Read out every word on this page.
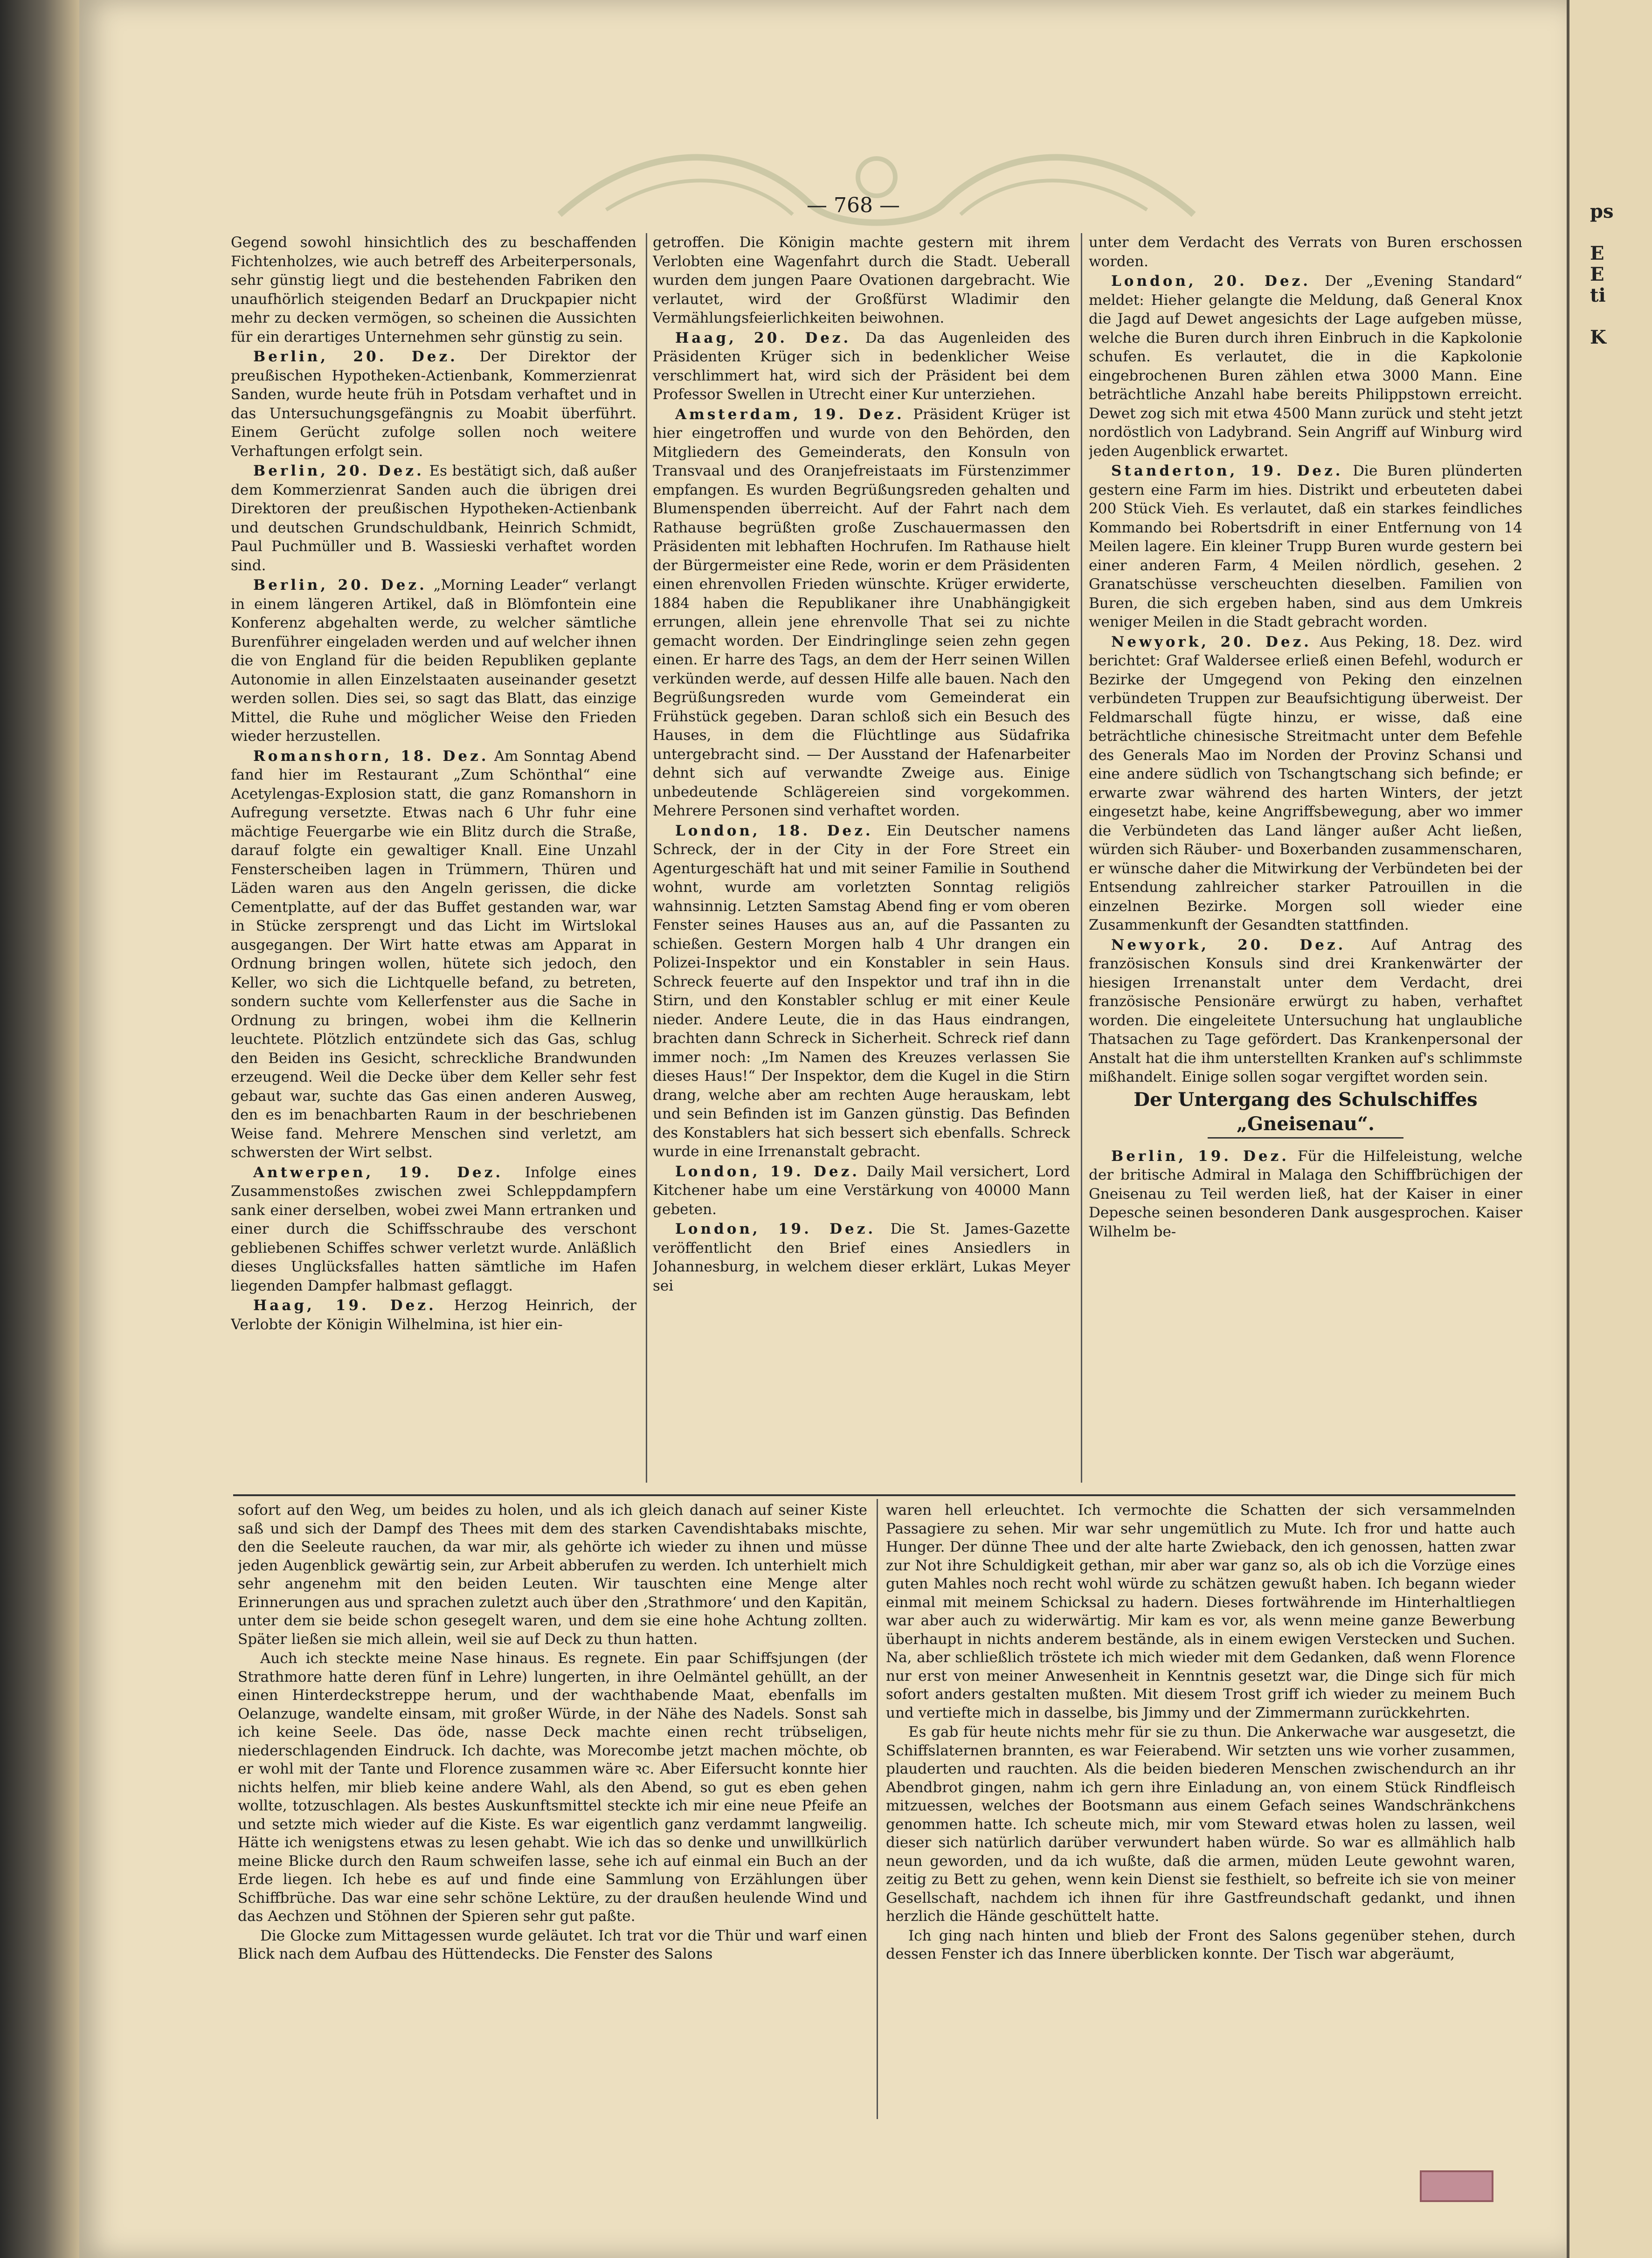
ps
E
E
ti
K
— 768 —

Gegend sowohl hinsichtlich des zu beschaffenden Fichtenholzes, wie auch betreff des Arbeiterpersonals, sehr günstig liegt und die bestehenden Fabriken den unaufhörlich steigenden Bedarf an Druckpapier nicht mehr zu decken vermögen, so scheinen die Aussichten für ein derartiges Unternehmen sehr günstig zu sein.

Berlin, 20. Dez. Der Direktor der preußischen Hypotheken-Actienbank, Kommerzienrat Sanden, wurde heute früh in Potsdam verhaftet und in das Untersuchungsgefängnis zu Moabit überführt. Einem Gerücht zufolge sollen noch weitere Verhaftungen erfolgt sein.

Berlin, 20. Dez. Es bestätigt sich, daß außer dem Kommerzienrat Sanden auch die übrigen drei Direktoren der preußischen Hypotheken-Actienbank und deutschen Grundschuldbank, Heinrich Schmidt, Paul Puchmüller und B. Wassieski verhaftet worden sind.

Berlin, 20. Dez. „Morning Leader“ verlangt in einem längeren Artikel, daß in Blömfontein eine Konferenz abgehalten werde, zu welcher sämtliche Burenführer eingeladen werden und auf welcher ihnen die von England für die beiden Republiken geplante Autonomie in allen Einzelstaaten auseinander gesetzt werden sollen. Dies sei, so sagt das Blatt, das einzige Mittel, die Ruhe und möglicher Weise den Frieden wieder herzustellen.

Romanshorn, 18. Dez. Am Sonntag Abend fand hier im Restaurant „Zum Schönthal“ eine Acetylengas-Explosion statt, die ganz Romanshorn in Aufregung versetzte. Etwas nach 6 Uhr fuhr eine mächtige Feuergarbe wie ein Blitz durch die Straße, darauf folgte ein gewaltiger Knall. Eine Unzahl Fensterscheiben lagen in Trümmern, Thüren und Läden waren aus den Angeln gerissen, die dicke Cementplatte, auf der das Buffet gestanden war, war in Stücke zersprengt und das Licht im Wirtslokal ausgegangen. Der Wirt hatte etwas am Apparat in Ordnung bringen wollen, hütete sich jedoch, den Keller, wo sich die Lichtquelle befand, zu betreten, sondern suchte vom Kellerfenster aus die Sache in Ordnung zu bringen, wobei ihm die Kellnerin leuchtete. Plötzlich entzündete sich das Gas, schlug den Beiden ins Gesicht, schreckliche Brandwunden erzeugend. Weil die Decke über dem Keller sehr fest gebaut war, suchte das Gas einen anderen Ausweg, den es im benachbarten Raum in der beschriebenen Weise fand. Mehrere Menschen sind verletzt, am schwersten der Wirt selbst.

Antwerpen, 19. Dez. Infolge eines Zusammenstoßes zwischen zwei Schleppdampfern sank einer derselben, wobei zwei Mann ertranken und einer durch die Schiffsschraube des verschont gebliebenen Schiffes schwer verletzt wurde. Anläßlich dieses Unglücksfalles hatten sämtliche im Hafen liegenden Dampfer halbmast geflaggt.

Haag, 19. Dez. Herzog Heinrich, der Verlobte der Königin Wilhelmina, ist hier ein-

getroffen. Die Königin machte gestern mit ihrem Verlobten eine Wagenfahrt durch die Stadt. Ueberall wurden dem jungen Paare Ovationen dargebracht. Wie verlautet, wird der Großfürst Wladimir den Vermählungsfeierlichkeiten beiwohnen.

Haag, 20. Dez. Da das Augenleiden des Präsidenten Krüger sich in bedenklicher Weise verschlimmert hat, wird sich der Präsident bei dem Professor Swellen in Utrecht einer Kur unterziehen.

Amsterdam, 19. Dez. Präsident Krüger ist hier eingetroffen und wurde von den Behörden, den Mitgliedern des Gemeinderats, den Konsuln von Transvaal und des Oranjefreistaats im Fürstenzimmer empfangen. Es wurden Begrüßungsreden gehalten und Blumenspenden überreicht. Auf der Fahrt nach dem Rathause begrüßten große Zuschauermassen den Präsidenten mit lebhaften Hochrufen. Im Rathause hielt der Bürgermeister eine Rede, worin er dem Präsidenten einen ehrenvollen Frieden wünschte. Krüger erwiderte, 1884 haben die Republikaner ihre Unabhängigkeit errungen, allein jene ehrenvolle That sei zu nichte gemacht worden. Der Eindringlinge seien zehn gegen einen. Er harre des Tags, an dem der Herr seinen Willen verkünden werde, auf dessen Hilfe alle bauen. Nach den Begrüßungsreden wurde vom Gemeinderat ein Frühstück gegeben. Daran schloß sich ein Besuch des Hauses, in dem die Flüchtlinge aus Südafrika untergebracht sind. — Der Ausstand der Hafenarbeiter dehnt sich auf verwandte Zweige aus. Einige unbedeutende Schlägereien sind vorgekommen. Mehrere Personen sind verhaftet worden.

London, 18. Dez. Ein Deutscher namens Schreck, der in der City in der Fore Street ein Agenturgeschäft hat und mit seiner Familie in Southend wohnt, wurde am vorletzten Sonntag religiös wahnsinnig. Letzten Samstag Abend fing er vom oberen Fenster seines Hauses aus an, auf die Passanten zu schießen. Gestern Morgen halb 4 Uhr drangen ein Polizei-Inspektor und ein Konstabler in sein Haus. Schreck feuerte auf den Inspektor und traf ihn in die Stirn, und den Konstabler schlug er mit einer Keule nieder. Andere Leute, die in das Haus eindrangen, brachten dann Schreck in Sicherheit. Schreck rief dann immer noch: „Im Namen des Kreuzes verlassen Sie dieses Haus!“ Der Inspektor, dem die Kugel in die Stirn drang, welche aber am rechten Auge herauskam, lebt und sein Befinden ist im Ganzen günstig. Das Befinden des Konstablers hat sich bessert sich ebenfalls. Schreck wurde in eine Irrenanstalt gebracht.

London, 19. Dez. Daily Mail versichert, Lord Kitchener habe um eine Verstärkung von 40000 Mann gebeten.

London, 19. Dez. Die St. James-Gazette veröffentlicht den Brief eines Ansiedlers in Johannesburg, in welchem dieser erklärt, Lukas Meyer sei

unter dem Verdacht des Verrats von Buren erschossen worden.

London, 20. Dez. Der „Evening Standard“ meldet: Hieher gelangte die Meldung, daß General Knox die Jagd auf Dewet angesichts der Lage aufgeben müsse, welche die Buren durch ihren Einbruch in die Kapkolonie schufen. Es verlautet, die in die Kapkolonie eingebrochenen Buren zählen etwa 3000 Mann. Eine beträchtliche Anzahl habe bereits Philippstown erreicht. Dewet zog sich mit etwa 4500 Mann zurück und steht jetzt nordöstlich von Ladybrand. Sein Angriff auf Winburg wird jeden Augenblick erwartet.

Standerton, 19. Dez. Die Buren plünderten gestern eine Farm im hies. Distrikt und erbeuteten dabei 200 Stück Vieh. Es verlautet, daß ein starkes feindliches Kommando bei Robertsdrift in einer Entfernung von 14 Meilen lagere. Ein kleiner Trupp Buren wurde gestern bei einer anderen Farm, 4 Meilen nördlich, gesehen. 2 Granatschüsse verscheuchten dieselben. Familien von Buren, die sich ergeben haben, sind aus dem Umkreis weniger Meilen in die Stadt gebracht worden.

Newyork, 20. Dez. Aus Peking, 18. Dez. wird berichtet: Graf Waldersee erließ einen Befehl, wodurch er Bezirke der Umgegend von Peking den einzelnen verbündeten Truppen zur Beaufsichtigung überweist. Der Feldmarschall fügte hinzu, er wisse, daß eine beträchtliche chinesische Streitmacht unter dem Befehle des Generals Mao im Norden der Provinz Schansi und eine andere südlich von Tschangtschang sich befinde; er erwarte zwar während des harten Winters, der jetzt eingesetzt habe, keine Angriffsbewegung, aber wo immer die Verbündeten das Land länger außer Acht ließen, würden sich Räuber- und Boxerbanden zusammenscharen, er wünsche daher die Mitwirkung der Verbündeten bei der Entsendung zahlreicher starker Patrouillen in die einzelnen Bezirke. Morgen soll wieder eine Zusammenkunft der Gesandten stattfinden.

Newyork, 20. Dez. Auf Antrag des französischen Konsuls sind drei Krankenwärter der hiesigen Irrenanstalt unter dem Verdacht, drei französische Pensionäre erwürgt zu haben, verhaftet worden. Die eingeleitete Untersuchung hat unglaubliche Thatsachen zu Tage gefördert. Das Krankenpersonal der Anstalt hat die ihm unterstellten Kranken auf's schlimmste mißhandelt. Einige sollen sogar vergiftet worden sein.

Der Untergang des Schulschiffes „Gneisenau“.

Berlin, 19. Dez. Für die Hilfeleistung, welche der britische Admiral in Malaga den Schiffbrüchigen der Gneisenau zu Teil werden ließ, hat der Kaiser in einer Depesche seinen besonderen Dank ausgesprochen. Kaiser Wilhelm be-

sofort auf den Weg, um beides zu holen, und als ich gleich danach auf seiner Kiste saß und sich der Dampf des Thees mit dem des starken Cavendishtabaks mischte, den die Seeleute rauchen, da war mir, als gehörte ich wieder zu ihnen und müsse jeden Augenblick gewärtig sein, zur Arbeit abberufen zu werden. Ich unterhielt mich sehr angenehm mit den beiden Leuten. Wir tauschten eine Menge alter Erinnerungen aus und sprachen zuletzt auch über den ‚Strathmore‘ und den Kapitän, unter dem sie beide schon gesegelt waren, und dem sie eine hohe Achtung zollten. Später ließen sie mich allein, weil sie auf Deck zu thun hatten.

Auch ich steckte meine Nase hinaus. Es regnete. Ein paar Schiffsjungen (der Strathmore hatte deren fünf in Lehre) lungerten, in ihre Oelmäntel gehüllt, an der einen Hinterdeckstreppe herum, und der wachthabende Maat, ebenfalls im Oelanzuge, wandelte einsam, mit großer Würde, in der Nähe des Nadels. Sonst sah ich keine Seele. Das öde, nasse Deck machte einen recht trübseligen, niederschlagenden Eindruck. Ich dachte, was Morecombe jetzt machen möchte, ob er wohl mit der Tante und Florence zusammen wäre ꝛc. Aber Eifersucht konnte hier nichts helfen, mir blieb keine andere Wahl, als den Abend, so gut es eben gehen wollte, totzuschlagen. Als bestes Auskunftsmittel steckte ich mir eine neue Pfeife an und setzte mich wieder auf die Kiste. Es war eigentlich ganz verdammt langweilig. Hätte ich wenigstens etwas zu lesen gehabt. Wie ich das so denke und unwillkürlich meine Blicke durch den Raum schweifen lasse, sehe ich auf einmal ein Buch an der Erde liegen. Ich hebe es auf und finde eine Sammlung von Erzählungen über Schiffbrüche. Das war eine sehr schöne Lektüre, zu der draußen heulende Wind und das Aechzen und Stöhnen der Spieren sehr gut paßte.

Die Glocke zum Mittagessen wurde geläutet. Ich trat vor die Thür und warf einen Blick nach dem Aufbau des Hüttendecks. Die Fenster des Salons

waren hell erleuchtet. Ich vermochte die Schatten der sich versammelnden Passagiere zu sehen. Mir war sehr ungemütlich zu Mute. Ich fror und hatte auch Hunger. Der dünne Thee und der alte harte Zwieback, den ich genossen, hatten zwar zur Not ihre Schuldigkeit gethan, mir aber war ganz so, als ob ich die Vorzüge eines guten Mahles noch recht wohl würde zu schätzen gewußt haben. Ich begann wieder einmal mit meinem Schicksal zu hadern. Dieses fortwährende im Hinterhaltliegen war aber auch zu widerwärtig. Mir kam es vor, als wenn meine ganze Bewerbung überhaupt in nichts anderem bestände, als in einem ewigen Verstecken und Suchen. Na, aber schließlich tröstete ich mich wieder mit dem Gedanken, daß wenn Florence nur erst von meiner Anwesenheit in Kenntnis gesetzt war, die Dinge sich für mich sofort anders gestalten mußten. Mit diesem Trost griff ich wieder zu meinem Buch und vertiefte mich in dasselbe, bis Jimmy und der Zimmermann zurückkehrten.

Es gab für heute nichts mehr für sie zu thun. Die Ankerwache war ausgesetzt, die Schiffslaternen brannten, es war Feierabend. Wir setzten uns wie vorher zusammen, plauderten und rauchten. Als die beiden biederen Menschen zwischendurch an ihr Abendbrot gingen, nahm ich gern ihre Einladung an, von einem Stück Rindfleisch mitzuessen, welches der Bootsmann aus einem Gefach seines Wandschränkchens genommen hatte. Ich scheute mich, mir vom Steward etwas holen zu lassen, weil dieser sich natürlich darüber verwundert haben würde. So war es allmählich halb neun geworden, und da ich wußte, daß die armen, müden Leute gewohnt waren, zeitig zu Bett zu gehen, wenn kein Dienst sie festhielt, so befreite ich sie von meiner Gesellschaft, nachdem ich ihnen für ihre Gastfreundschaft gedankt, und ihnen herzlich die Hände geschüttelt hatte.

Ich ging nach hinten und blieb der Front des Salons gegenüber stehen, durch dessen Fenster ich das Innere überblicken konnte. Der Tisch war abgeräumt,
